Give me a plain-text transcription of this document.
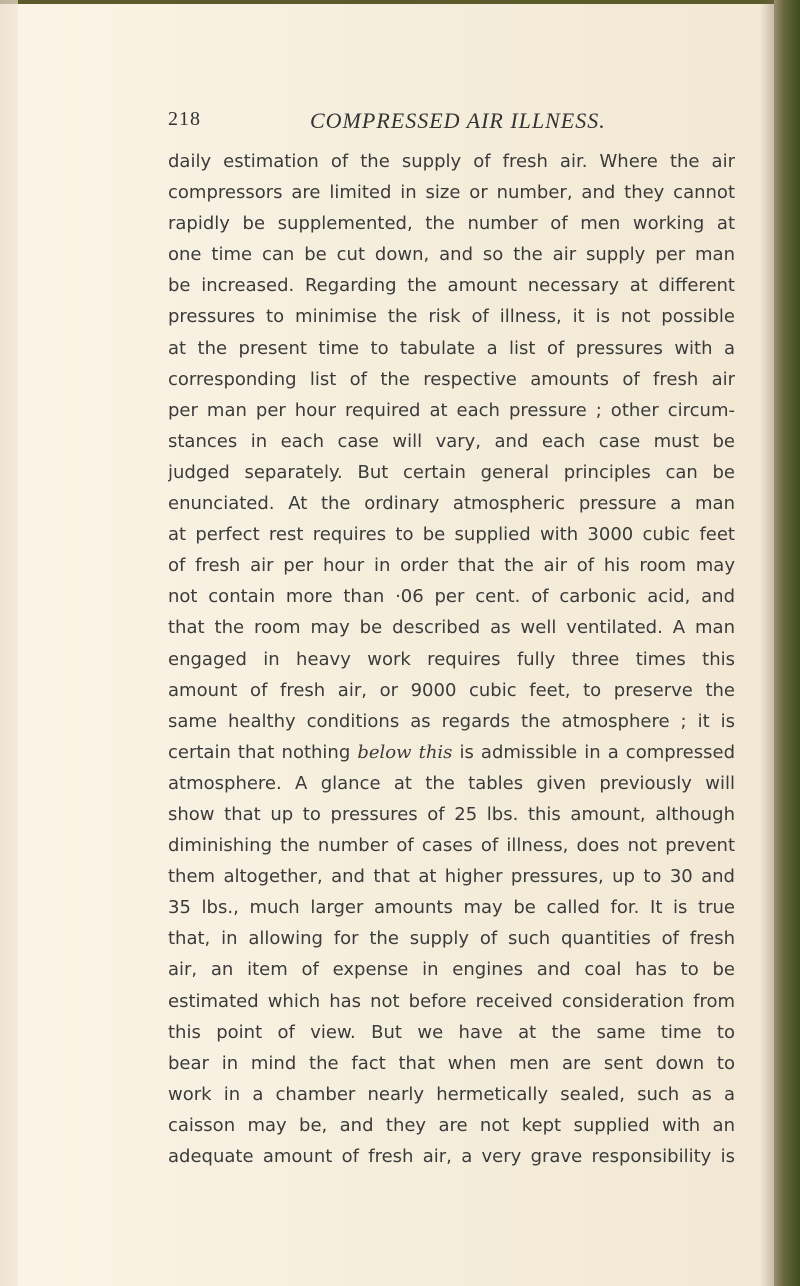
218	COMPRESSED AIR ILLNESS.
daily estimation of the supply of fresh air. Where the air
compressors are limited in size or number, and they cannot
rapidly be supplemented, the number of men working at
one time can be cut down, and so the air supply per man
be increased. Regarding the amount necessary at different
pressures to minimise the risk of illness, it is not possible
at the present time to tabulate a list of pressures with a
corresponding list of the respective amounts of fresh air
per man per hour required at each pressure ; other circum-
stances in each case will vary, and each case must be
judged separately. But certain general principles can be
enunciated. At the ordinary atmospheric pressure a man
at perfect rest requires to be supplied with 3000 cubic feet
of fresh air per hour in order that the air of his room may
not contain more than ·06 per cent. of carbonic acid, and
that the room may be described as well ventilated. A man
engaged in heavy work requires fully three times this
amount of fresh air, or 9000 cubic feet, to preserve the
same healthy conditions as regards the atmosphere ; it is
certain that nothing below this is admissible in a compressed
atmosphere. A glance at the tables given previously will
show that up to pressures of 25 lbs. this amount, although
diminishing the number of cases of illness, does not prevent
them altogether, and that at higher pressures, up to 30 and
35 lbs., much larger amounts may be called for. It is true
that, in allowing for the supply of such quantities of fresh
air, an item of expense in engines and coal has to be
estimated which has not before received consideration from
this point of view. But we have at the same time to
bear in mind the fact that when men are sent down to
work in a chamber nearly hermetically sealed, such as a
caisson may be, and they are not kept supplied with an
adequate amount of fresh air, a very grave responsibility is
